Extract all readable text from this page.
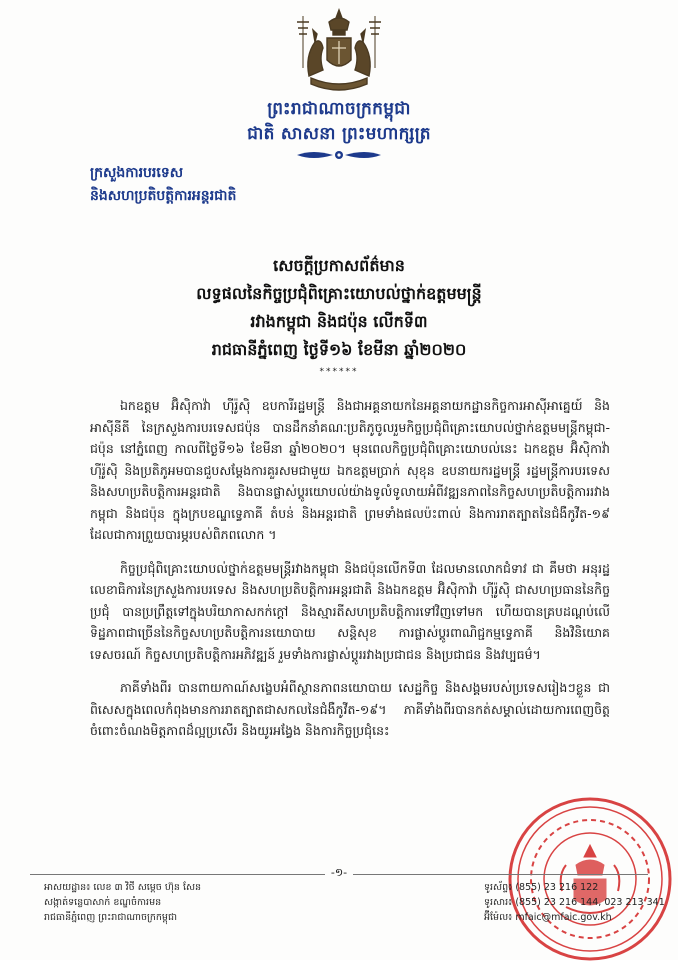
ព្រះរាជាណាចក្រកម្ពុជា
ជាតិ សាសនា ព្រះមហាក្សត្រ
ក្រសួងការបរទេស
និងសហប្រតិបត្តិការអន្តរជាតិ
សេចក្តីប្រកាសព័ត៌មាន
លទ្ធផលនៃកិច្ចប្រជុំពិគ្រោះយោបល់ថ្នាក់ឧត្តមមន្ត្រី
រវាងកម្ពុជា និងជប៉ុន លើកទី៣
រាជធានីភ្នំពេញ ថ្ងៃទី១៦ ខែមីនា ឆ្នាំ២០២០
******

ឯកឧត្តម អ៊ិស៊ិកាវ៉ា ហ៊ីរ៉ូស៊ិ ឧបការីរដ្ឋមន្ត្រី និងជាអគ្គនាយកនៃអគ្គនាយកដ្ឋានកិច្ចការអាស៊ីអាគ្នេយ៍ និងអាស៊ីនីតី នៃក្រសួងការបរទេសជប៉ុន បានដឹកនាំគណៈប្រតិភូចូលរួមកិច្ចប្រជុំពិគ្រោះយោបល់ថ្នាក់ឧត្តមមន្ត្រីកម្ពុជា-ជប៉ុន នៅភ្នំពេញ កាលពីថ្ងៃទី១៦ ខែមីនា ឆ្នាំ២០២០។ មុនពេលកិច្ចប្រជុំពិគ្រោះយោបល់នេះ ឯកឧត្តម អ៊ិស៊ិកាវ៉ា ហ៊ីរ៉ូស៊ិ និងប្រតិភូអមបានជួបសម្តែងការគួរសមជាមួយ ឯកឧត្តមប្រាក់ សុខុន ឧបនាយករដ្ឋមន្ត្រី រដ្ឋមន្ត្រីការបរទេស និងសហប្រតិបត្តិការអន្តរជាតិ និងបានផ្លាស់ប្តូរយោបល់យ៉ាងទូលំទូលាយអំពីវឌ្ឍនភាពនៃកិច្ចសហប្រតិបត្តិការរវាងកម្ពុជា និងជប៉ុន ក្នុងក្របខណ្ឌទ្វេភាគី តំបន់ និងអន្តរជាតិ ព្រមទាំងផលប៉ះពាល់ និងការរាតត្បាតនៃជំងឺកូវីត-១៩ ដែលជាការព្រួយបារម្ភរបស់ពិភពលោក ។

កិច្ចប្រជុំពិគ្រោះយោបល់ថ្នាក់ឧត្តមមន្ត្រីរវាងកម្ពុជា និងជប៉ុនលើកទី៣ ដែលមានលោកជំទាវ ជា គឹមថា អនុរដ្ឋលេខាធិការនៃក្រសួងការបរទេស និងសហប្រតិបត្តិការអន្តរជាតិ និងឯកឧត្តម អ៊ិស៊ិកាវ៉ា ហ៊ីរ៉ូស៊ិ ជាសហប្រធាននៃកិច្ចប្រជុំ បានប្រព្រឹត្តទៅក្នុងបរិយាកាសកក់ក្តៅ និងស្មារតីសហប្រតិបត្តិការទៅវិញទៅមក ហើយបានគ្របដណ្តប់លើទិដ្ឋភាពជាច្រើននៃកិច្ចសហប្រតិបត្តិការនយោបាយ សន្តិសុខ ការផ្លាស់ប្តូរពាណិជ្ជកម្មទ្វេភាគី និងវិនិយោគ ទេសចរណ៍ កិច្ចសហប្រតិបត្តិការអភិវឌ្ឍន៍ រួមទាំងការផ្លាស់ប្តូររវាងប្រជាជន និងប្រជាជន និងវប្បធម៌។

ភាគីទាំងពីរ បានពាយកាណ៍សង្ខេបអំពីស្ថានភាពនយោបាយ សេដ្ឋកិច្ច និងសង្គមរបស់ប្រទេសរៀងៗខ្លួន ជាពិសេសក្នុងពេលកំពុងមានការរាតត្បាតជាសកលនៃជំងឺកូវីត-១៩។ ភាគីទាំងពីរបានកត់សម្គាល់ដោយការពេញចិត្តចំពោះចំណងមិត្តភាពដ៏ល្អប្រសើរ និងយូរអង្វែង និងការកិច្ចប្រជុំនេះ

-១-
អាសយដ្ឋាន៖ លេខ ៣ វិថី សម្តេច ហ៊ុន សែន
សង្កាត់ទន្លេបាសាក់ ខណ្ឌចំការមន
រាជធានីភ្នំពេញ ព្រះរាជាណាចក្រកម្ពុជា
ទូរស័ព្ទ៖ (855) 23 216 122
ទូរសារ៖ (855) 23 216 144, 023 213 341
អ៊ីម៉ែល៖ mfaic@mfaic.gov.kh
